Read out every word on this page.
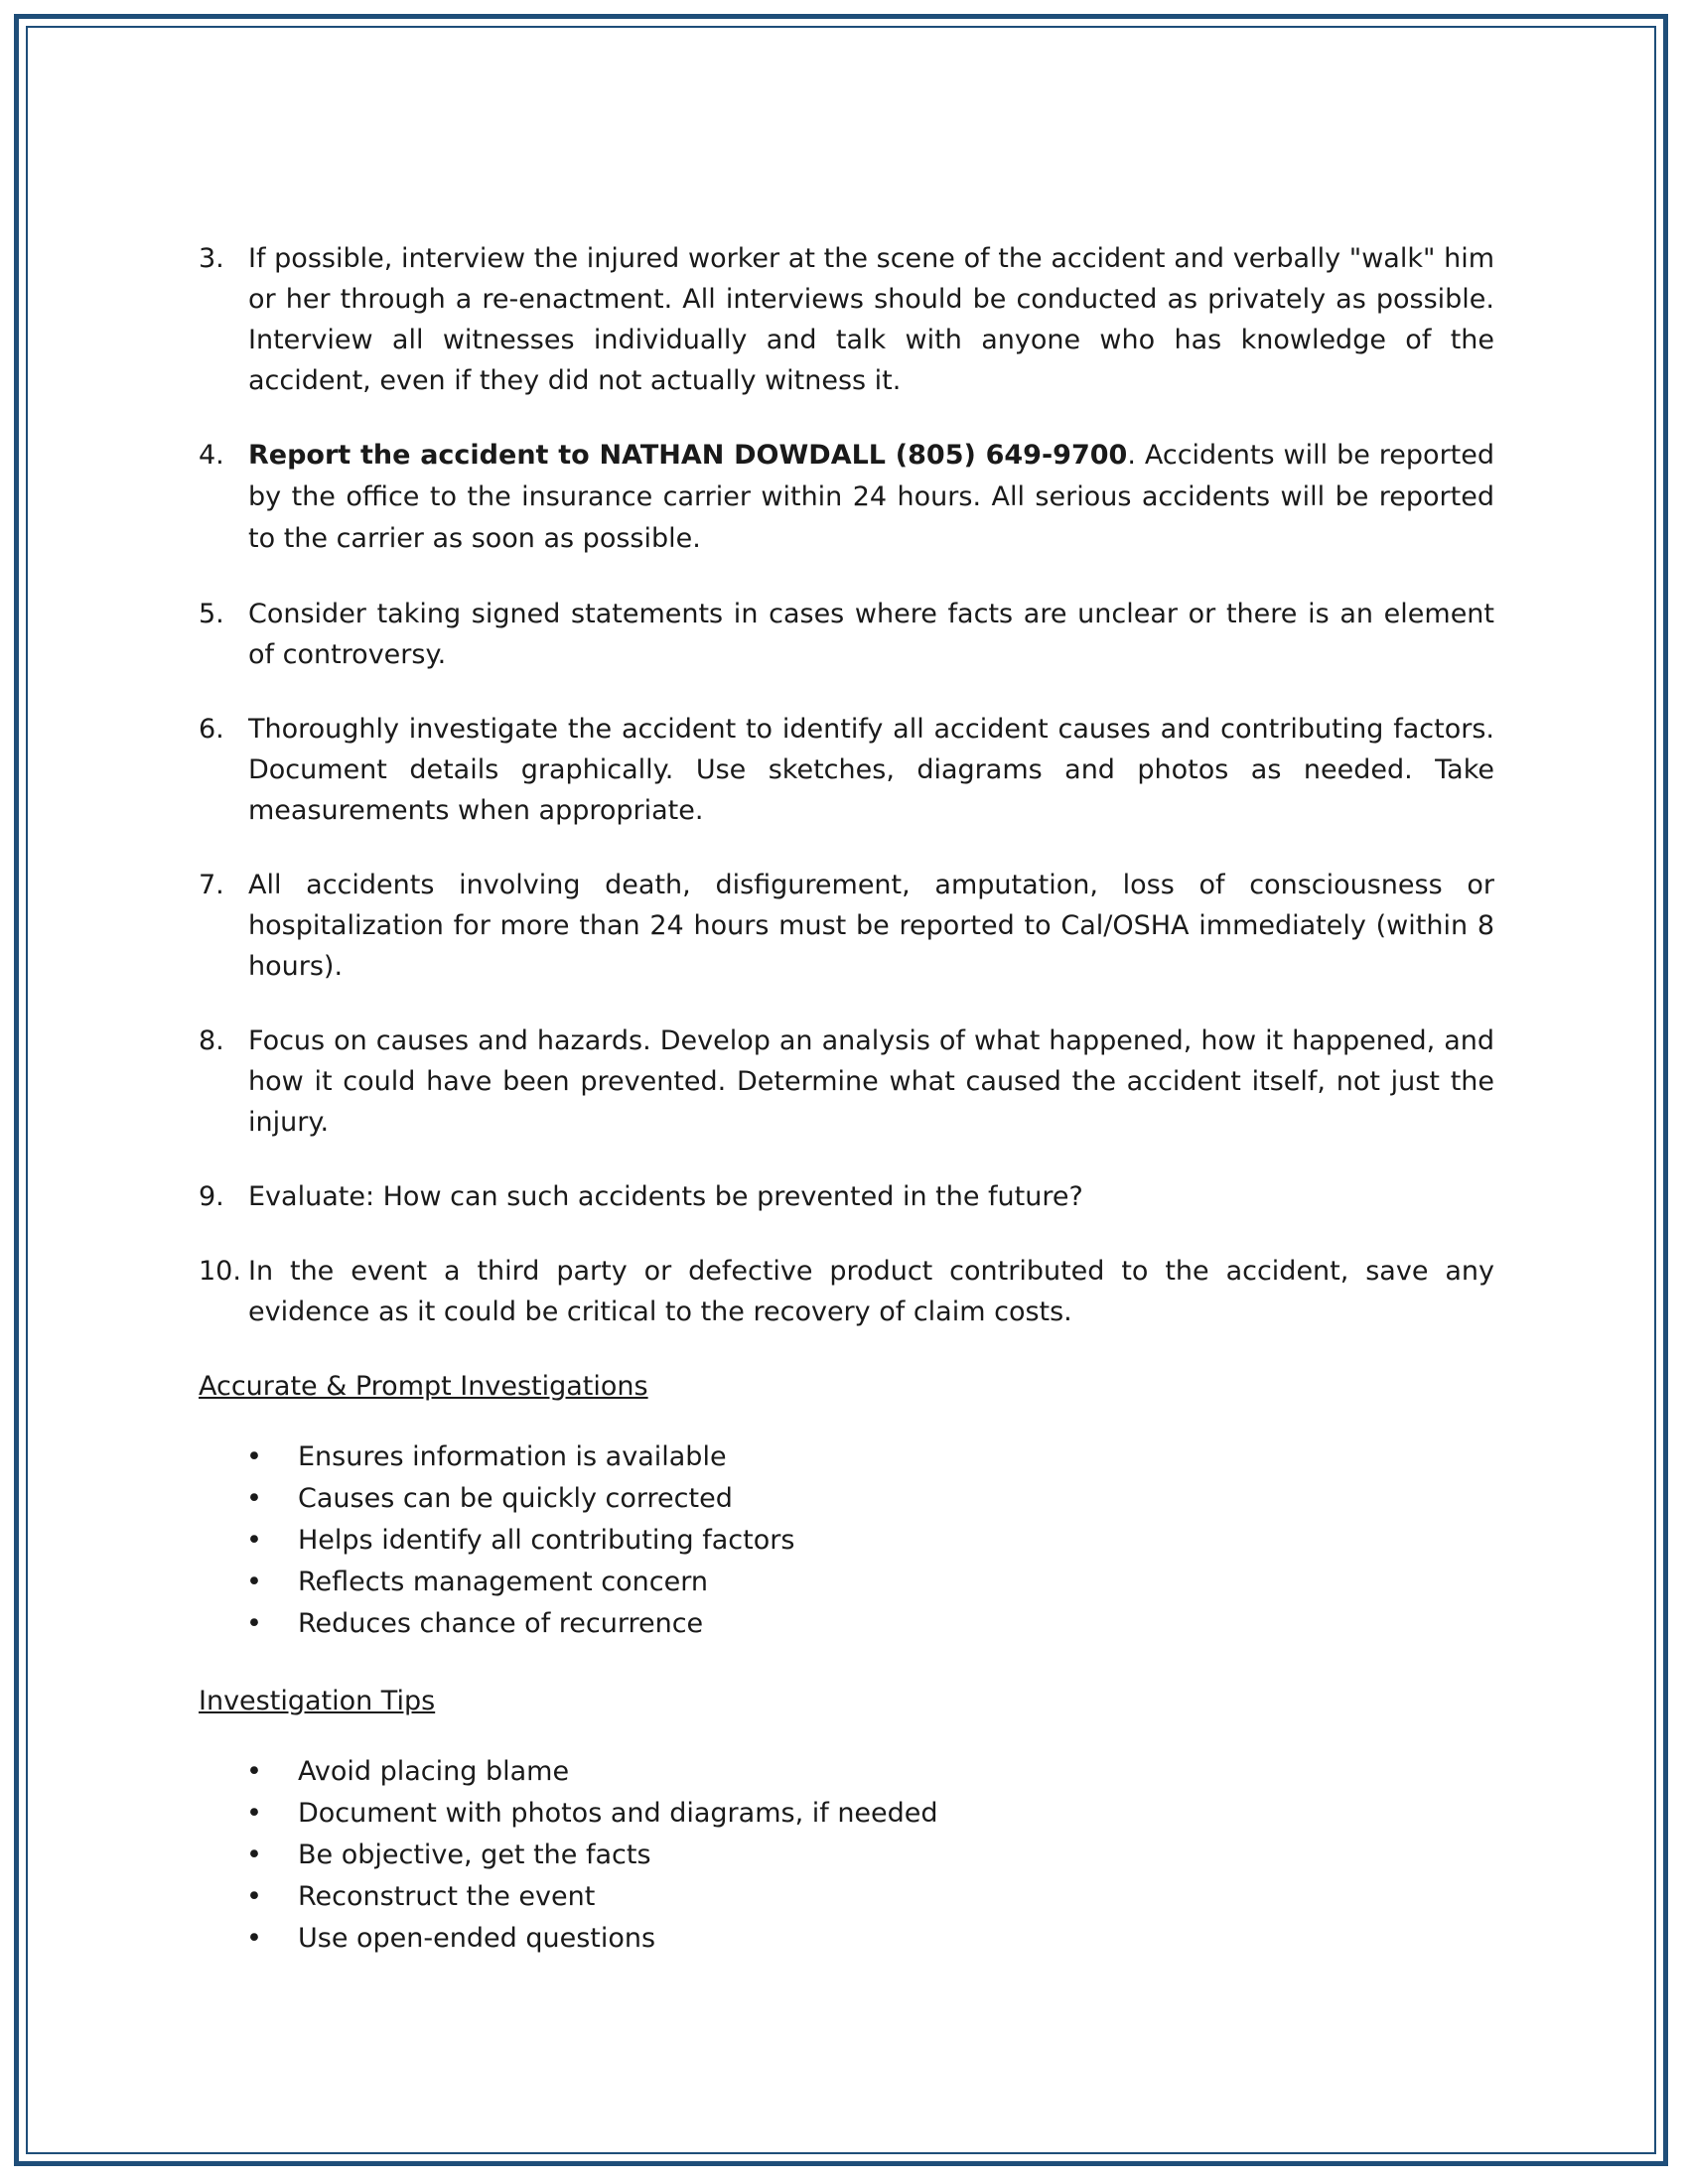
3. If possible, interview the injured worker at the scene of the accident and verbally "walk" him or her through a re-enactment. All interviews should be conducted as privately as possible. Interview all witnesses individually and talk with anyone who has knowledge of the accident, even if they did not actually witness it.
4. Report the accident to NATHAN DOWDALL (805) 649-9700. Accidents will be reported by the office to the insurance carrier within 24 hours. All serious accidents will be reported to the carrier as soon as possible.
5. Consider taking signed statements in cases where facts are unclear or there is an element of controversy.
6. Thoroughly investigate the accident to identify all accident causes and contributing factors. Document details graphically. Use sketches, diagrams and photos as needed. Take measurements when appropriate.
7. All accidents involving death, disfigurement, amputation, loss of consciousness or hospitalization for more than 24 hours must be reported to Cal/OSHA immediately (within 8 hours).
8. Focus on causes and hazards. Develop an analysis of what happened, how it happened, and how it could have been prevented. Determine what caused the accident itself, not just the injury.
9. Evaluate: How can such accidents be prevented in the future?
10. In the event a third party or defective product contributed to the accident, save any evidence as it could be critical to the recovery of claim costs.
Accurate & Prompt Investigations
• Ensures information is available
• Causes can be quickly corrected
• Helps identify all contributing factors
• Reflects management concern
• Reduces chance of recurrence
Investigation Tips
• Avoid placing blame
• Document with photos and diagrams, if needed
• Be objective, get the facts
• Reconstruct the event
• Use open-ended questions
